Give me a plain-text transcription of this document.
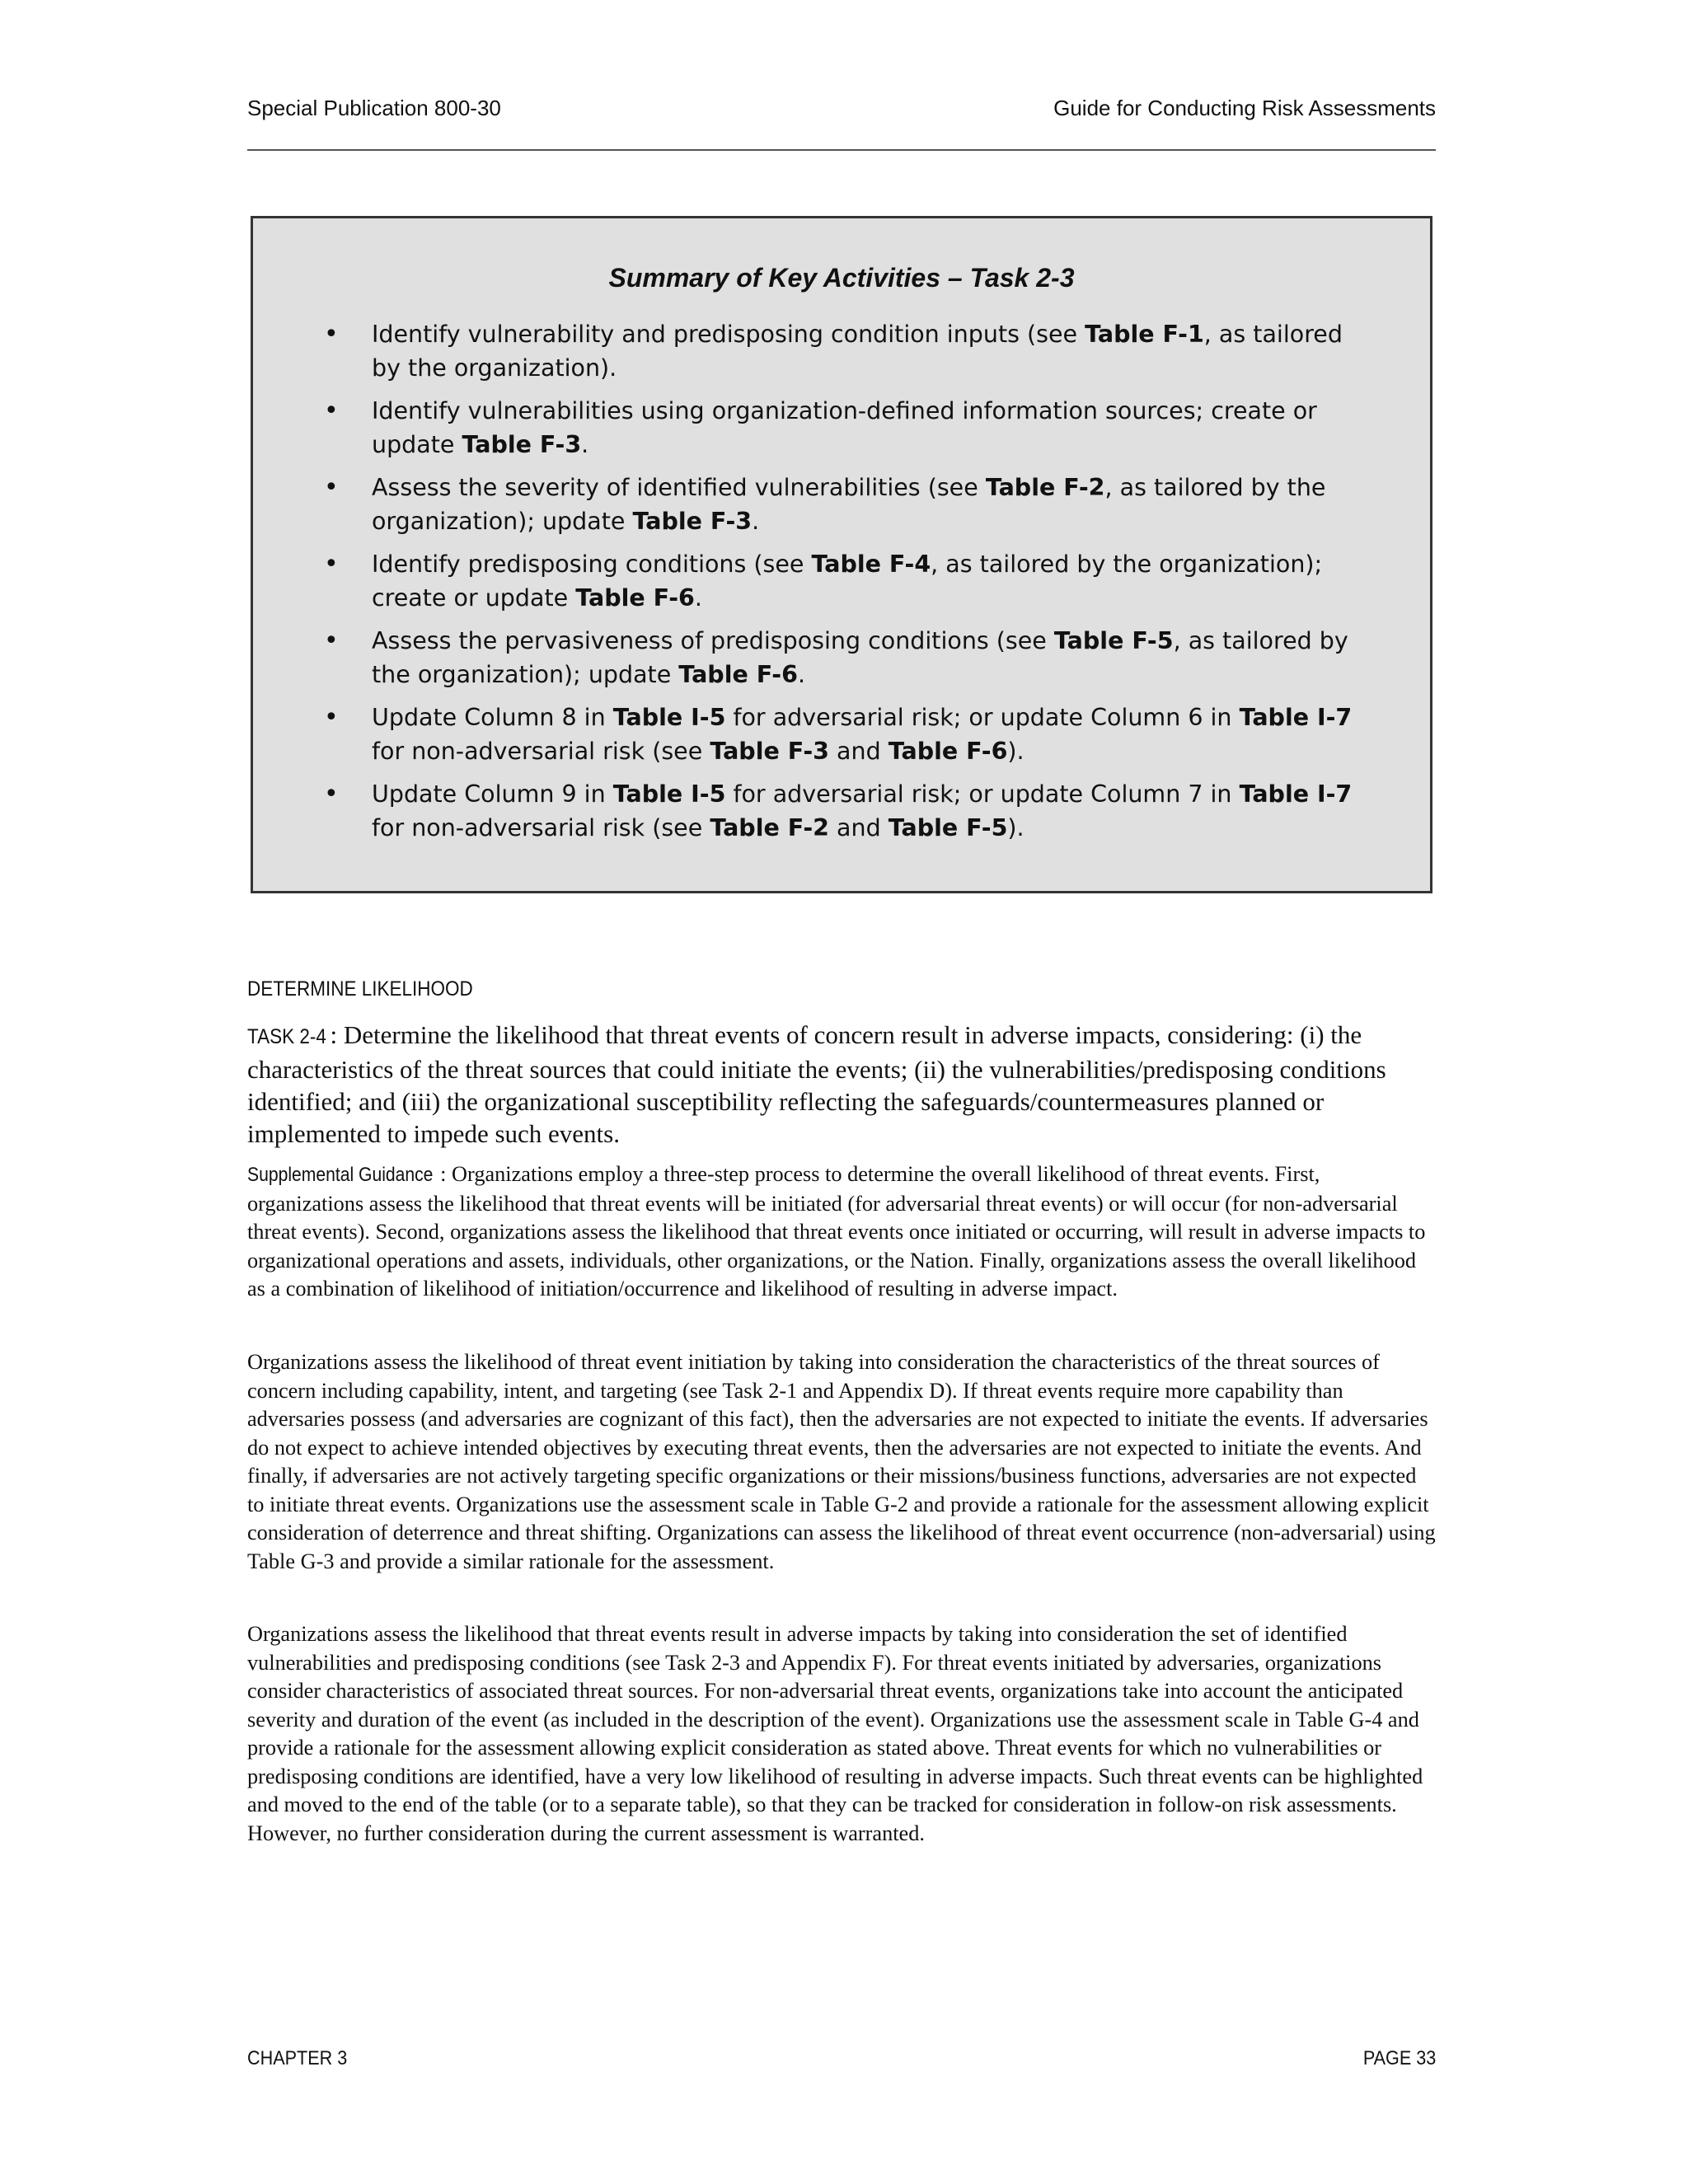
Special Publication 800-30	Guide for Conducting Risk Assessments
Summary of Key Activities – Task 2-3
• Identify vulnerability and predisposing condition inputs (see Table F-1, as tailored by the organization).
• Identify vulnerabilities using organization-defined information sources; create or update Table F-3.
• Assess the severity of identified vulnerabilities (see Table F-2, as tailored by the organization); update Table F-3.
• Identify predisposing conditions (see Table F-4, as tailored by the organization); create or update Table F-6.
• Assess the pervasiveness of predisposing conditions (see Table F-5, as tailored by the organization); update Table F-6.
• Update Column 8 in Table I-5 for adversarial risk; or update Column 6 in Table I-7 for non-adversarial risk (see Table F-3 and Table F-6).
• Update Column 9 in Table I-5 for adversarial risk; or update Column 7 in Table I-7 for non-adversarial risk (see Table F-2 and Table F-5).
DETERMINE LIKELIHOOD
TASK 2-4 : Determine the likelihood that threat events of concern result in adverse impacts, considering: (i) the characteristics of the threat sources that could initiate the events; (ii) the vulnerabilities/predisposing conditions identified; and (iii) the organizational susceptibility reflecting the safeguards/countermeasures planned or implemented to impede such events.

Supplemental Guidance : Organizations employ a three-step process to determine the overall likelihood of threat events. First, organizations assess the likelihood that threat events will be initiated (for adversarial threat events) or will occur (for non-adversarial threat events). Second, organizations assess the likelihood that threat events once initiated or occurring, will result in adverse impacts to organizational operations and assets, individuals, other organizations, or the Nation. Finally, organizations assess the overall likelihood as a combination of likelihood of initiation/occurrence and likelihood of resulting in adverse impact.

Organizations assess the likelihood of threat event initiation by taking into consideration the characteristics of the threat sources of concern including capability, intent, and targeting (see Task 2-1 and Appendix D). If threat events require more capability than adversaries possess (and adversaries are cognizant of this fact), then the adversaries are not expected to initiate the events. If adversaries do not expect to achieve intended objectives by executing threat events, then the adversaries are not expected to initiate the events. And finally, if adversaries are not actively targeting specific organizations or their missions/business functions, adversaries are not expected to initiate threat events. Organizations use the assessment scale in Table G-2 and provide a rationale for the assessment allowing explicit consideration of deterrence and threat shifting. Organizations can assess the likelihood of threat event occurrence (non-adversarial) using Table G-3 and provide a similar rationale for the assessment.

Organizations assess the likelihood that threat events result in adverse impacts by taking into consideration the set of identified vulnerabilities and predisposing conditions (see Task 2-3 and Appendix F). For threat events initiated by adversaries, organizations consider characteristics of associated threat sources. For non-adversarial threat events, organizations take into account the anticipated severity and duration of the event (as included in the description of the event). Organizations use the assessment scale in Table G-4 and provide a rationale for the assessment allowing explicit consideration as stated above. Threat events for which no vulnerabilities or predisposing conditions are identified, have a very low likelihood of resulting in adverse impacts. Such threat events can be highlighted and moved to the end of the table (or to a separate table), so that they can be tracked for consideration in follow-on risk assessments. However, no further consideration during the current assessment is warranted.

CHAPTER 3	PAGE 33
